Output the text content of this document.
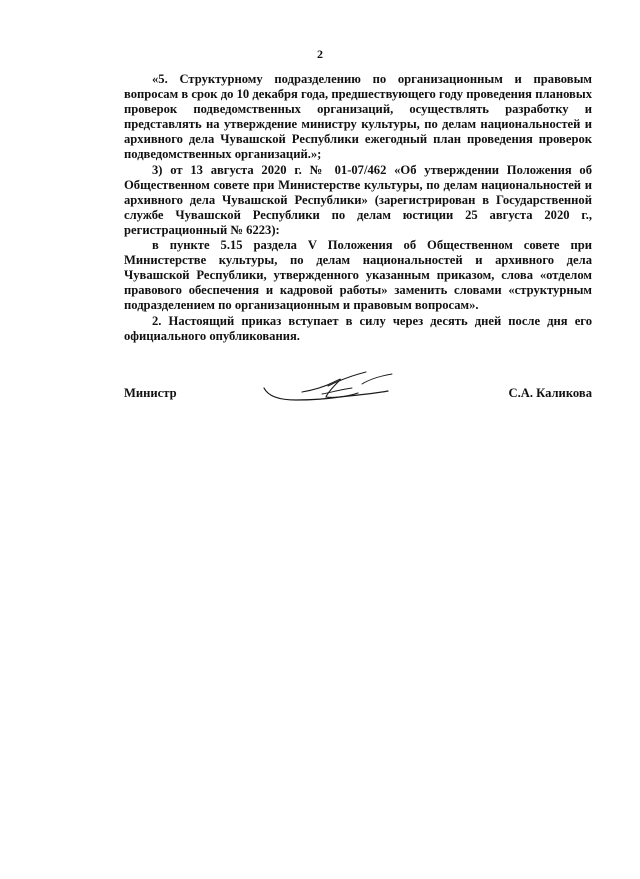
2

«5. Структурному подразделению по организационным и правовым вопросам в срок до 10 декабря года, предшествующего году проведения плановых проверок подведомственных организаций, осуществлять разработку и представлять на утверждение министру культуры, по делам национальностей и архивного дела Чувашской Республики ежегодный план проведения проверок подведомственных организаций.»;

3) от 13 августа 2020 г. № 01-07/462 «Об утверждении Положения об Общественном совете при Министерстве культуры, по делам национальностей и архивного дела Чувашской Республики» (зарегистрирован в Государственной службе Чувашской Республики по делам юстиции 25 августа 2020 г., регистрационный № 6223):

в пункте 5.15 раздела V Положения об Общественном совете при Министерстве культуры, по делам национальностей и архивного дела Чувашской Республики, утвержденного указанным приказом, слова «отделом правового обеспечения и кадровой работы» заменить словами «структурным подразделением по организационным и правовым вопросам».

2. Настоящий приказ вступает в силу через десять дней после дня его официального опубликования.

Министр	С.А. Каликова
